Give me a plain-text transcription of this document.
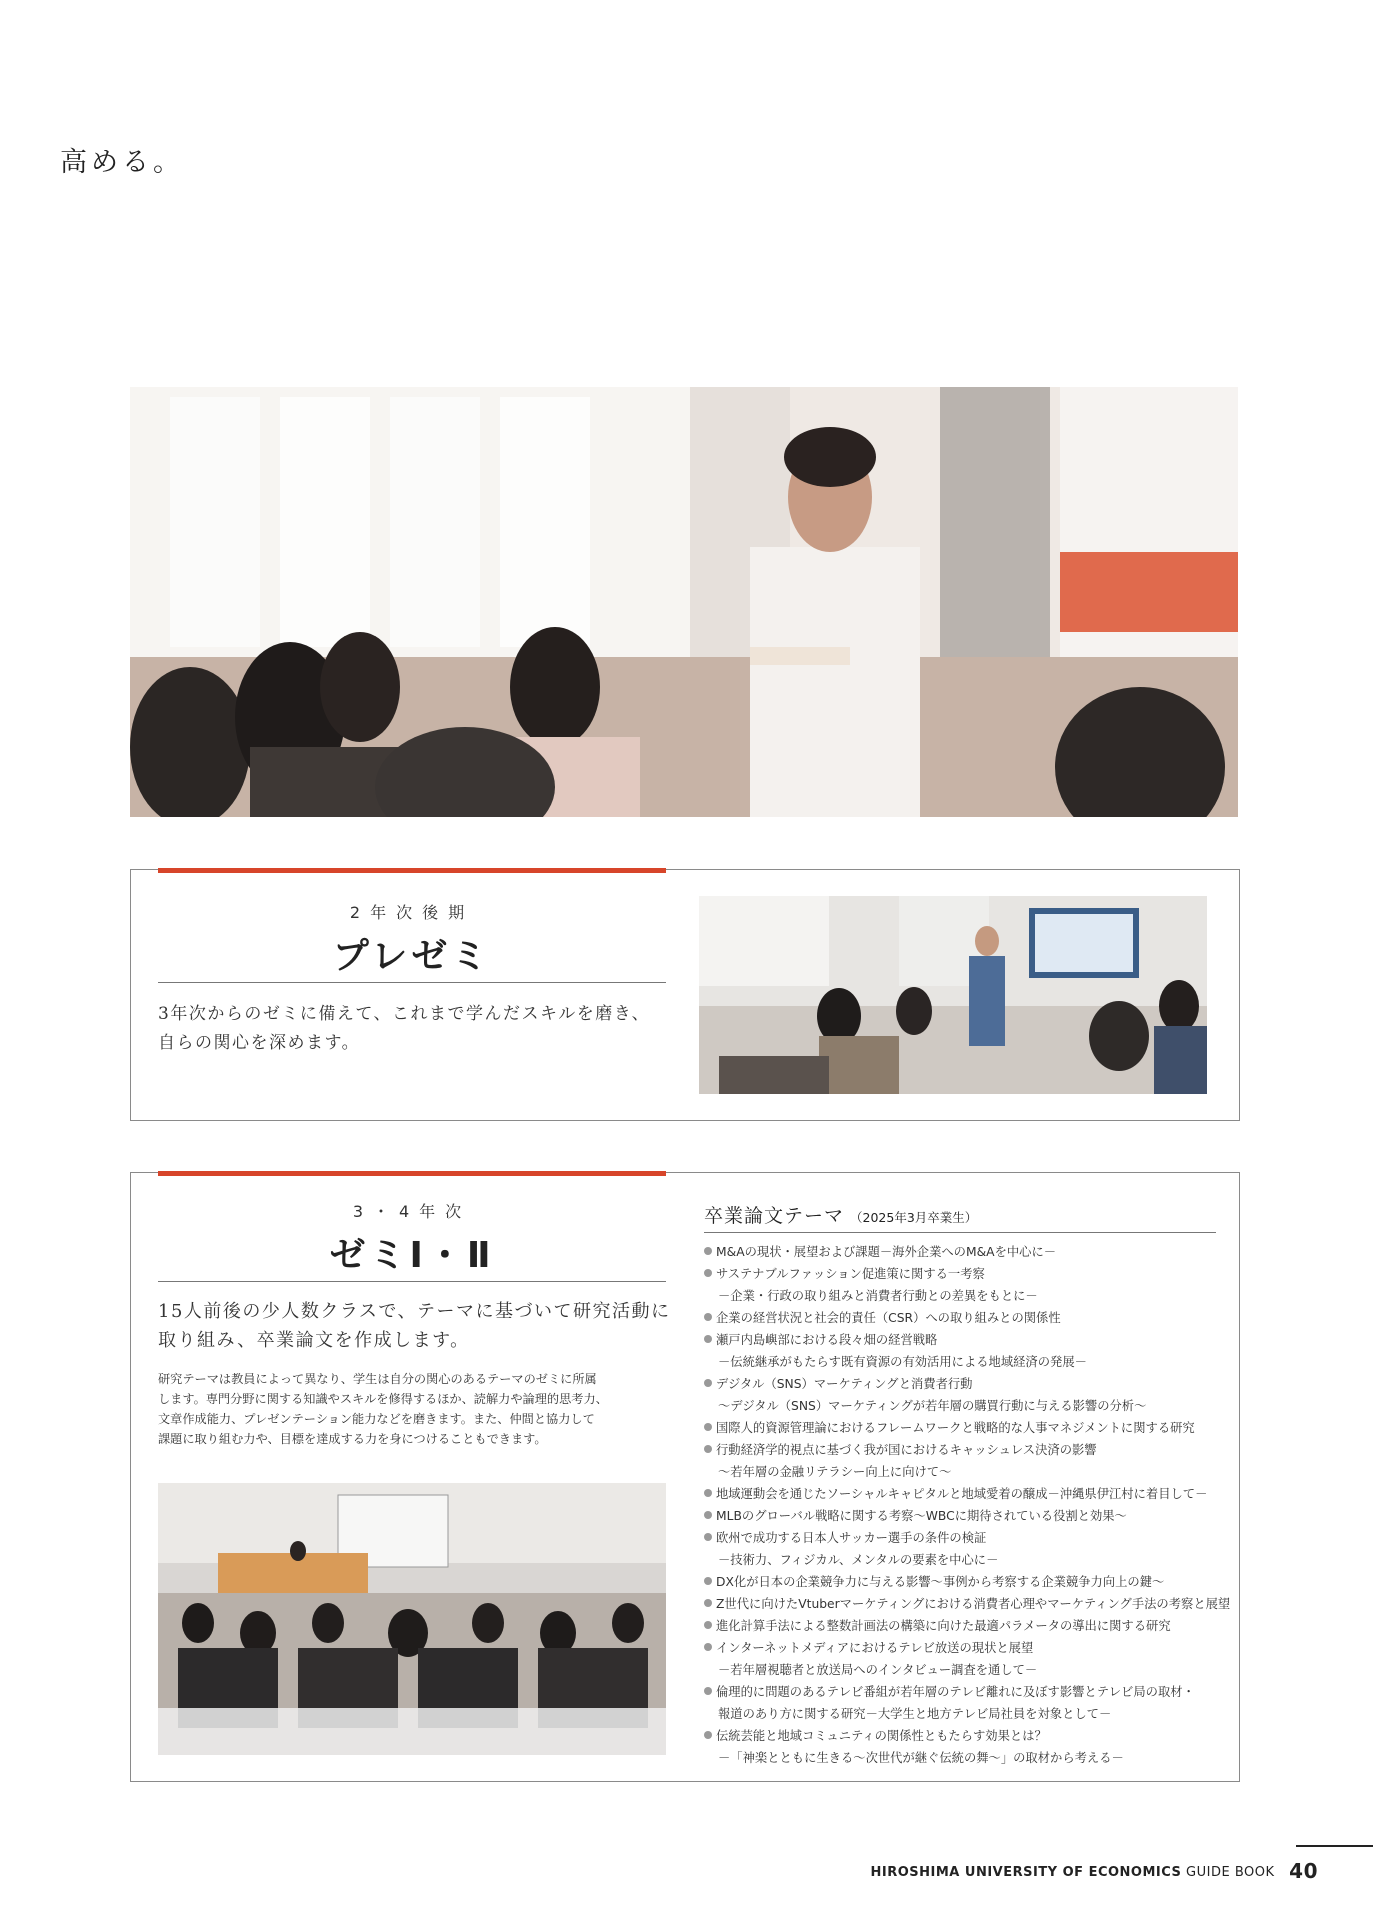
高める。
2年次後期
プレゼミ
3年次からのゼミに備えて、これまで学んだスキルを磨き、
自らの関心を深めます。
3・4年次
ゼミⅠ・Ⅱ
15人前後の少人数クラスで、テーマに基づいて研究活動に
取り組み、卒業論文を作成します。
研究テーマは教員によって異なり、学生は自分の関心のあるテーマのゼミに所属
します。専門分野に関する知識やスキルを修得するほか、読解力や論理的思考力、
文章作成能力、プレゼンテーション能力などを磨きます。また、仲間と協力して
課題に取り組む力や、目標を達成する力を身につけることもできます。
卒業論文テーマ （2025年3月卒業生）
M&Aの現状・展望および課題－海外企業へのM&Aを中心に－
サステナブルファッション促進策に関する一考察
－企業・行政の取り組みと消費者行動との差異をもとに－
企業の経営状況と社会的責任（CSR）への取り組みとの関係性
瀬戸内島嶼部における段々畑の経営戦略
－伝統継承がもたらす既有資源の有効活用による地域経済の発展－
デジタル（SNS）マーケティングと消費者行動
～デジタル（SNS）マーケティングが若年層の購買行動に与える影響の分析～
国際人的資源管理論におけるフレームワークと戦略的な人事マネジメントに関する研究
行動経済学的視点に基づく我が国におけるキャッシュレス決済の影響
～若年層の金融リテラシー向上に向けて～
地域運動会を通じたソーシャルキャピタルと地域愛着の醸成－沖縄県伊江村に着目して－
MLBのグローバル戦略に関する考察～WBCに期待されている役割と効果～
欧州で成功する日本人サッカー選手の条件の検証
－技術力、フィジカル、メンタルの要素を中心に－
DX化が日本の企業競争力に与える影響～事例から考察する企業競争力向上の鍵～
Z世代に向けたVtuberマーケティングにおける消費者心理やマーケティング手法の考察と展望
進化計算手法による整数計画法の構築に向けた最適パラメータの導出に関する研究
インターネットメディアにおけるテレビ放送の現状と展望
－若年層視聴者と放送局へのインタビュー調査を通して－
倫理的に問題のあるテレビ番組が若年層のテレビ離れに及ぼす影響とテレビ局の取材・
報道のあり方に関する研究－大学生と地方テレビ局社員を対象として－
伝統芸能と地域コミュニティの関係性ともたらす効果とは？
－「神楽とともに生きる～次世代が継ぐ伝統の舞～」の取材から考える－
HIROSHIMA UNIVERSITY OF ECONOMICS GUIDE BOOK 40
